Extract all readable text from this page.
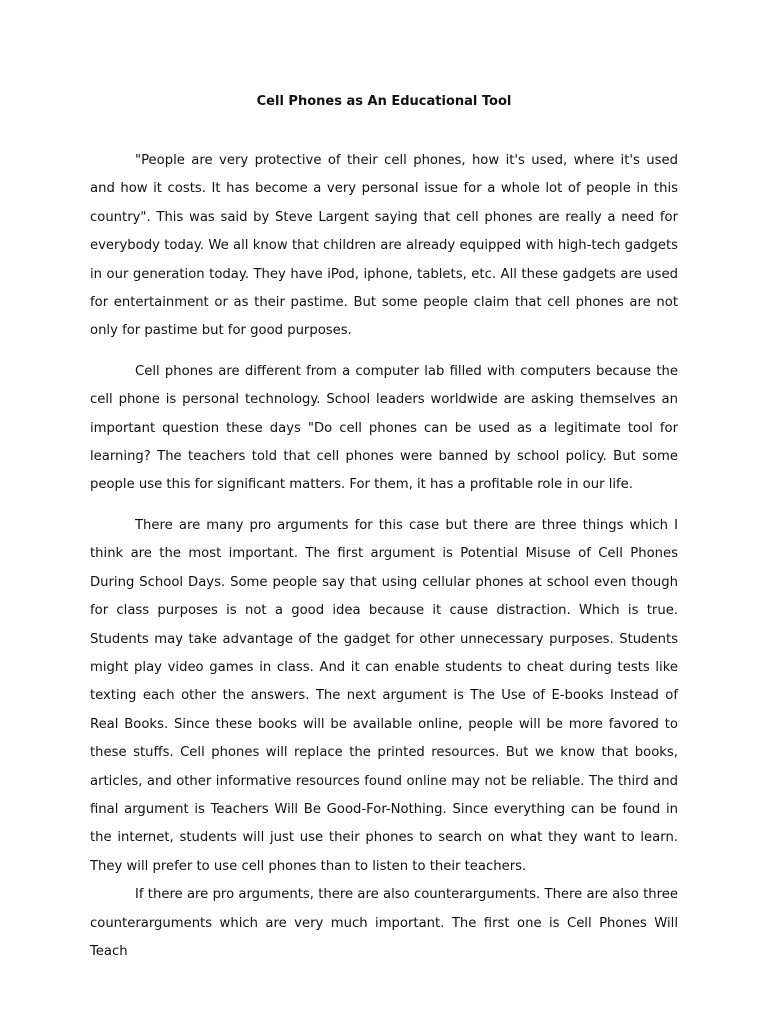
Cell Phones as An Educational Tool

"People are very protective of their cell phones, how it's used, where it's used and how it costs. It has become a very personal issue for a whole lot of people in this country". This was said by Steve Largent saying that cell phones are really a need for everybody today. We all know that children are already equipped with high-tech gadgets in our generation today. They have iPod, iphone, tablets, etc. All these gadgets are used for entertainment or as their pastime. But some people claim that cell phones are not only for pastime but for good purposes.

Cell phones are different from a computer lab filled with computers because the cell phone is personal technology. School leaders worldwide are asking themselves an important question these days "Do cell phones can be used as a legitimate tool for learning? The teachers told that cell phones were banned by school policy. But some people use this for significant matters. For them, it has a profitable role in our life.

There are many pro arguments for this case but there are three things which I think are the most important. The first argument is Potential Misuse of Cell Phones During School Days. Some people say that using cellular phones at school even though for class purposes is not a good idea because it cause distraction. Which is true. Students may take advantage of the gadget for other unnecessary purposes. Students might play video games in class. And it can enable students to cheat during tests like texting each other the answers. The next argument is The Use of E-books Instead of Real Books. Since these books will be available online, people will be more favored to these stuffs. Cell phones will replace the printed resources. But we know that books, articles, and other informative resources found online may not be reliable. The third and final argument is Teachers Will Be Good-For-Nothing. Since everything can be found in the internet, students will just use their phones to search on what they want to learn. They will prefer to use cell phones than to listen to their teachers.

If there are pro arguments, there are also counterarguments. There are also three counterarguments which are very much important. The first one is Cell Phones Will Teach
